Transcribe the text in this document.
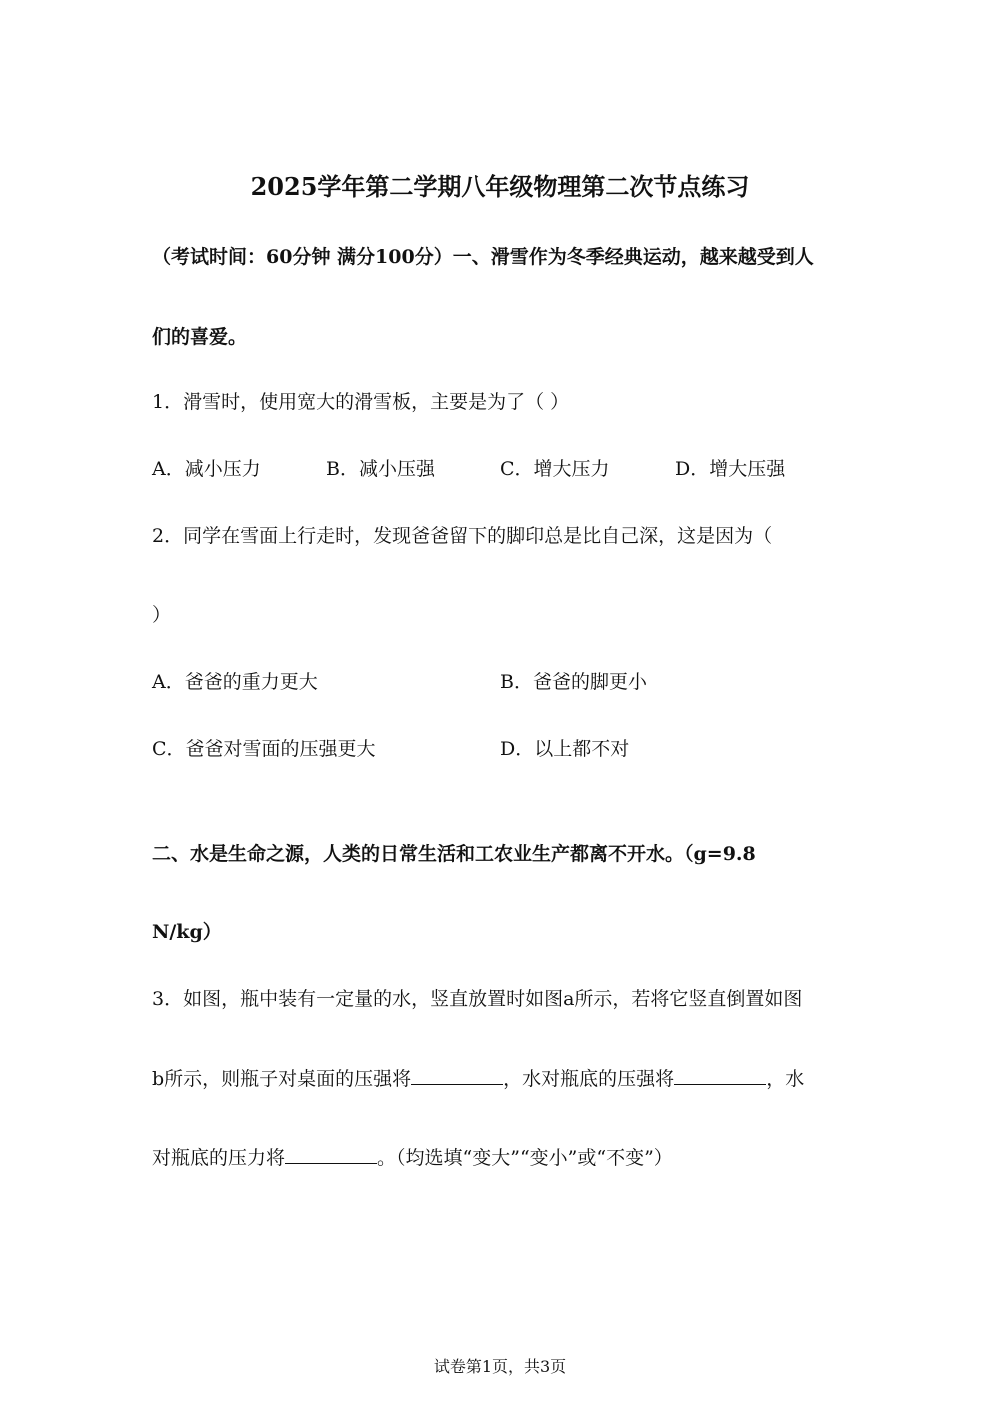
2025学年第二学期八年级物理第二次节点练习
（考试时间：60分钟 满分100分）一、滑雪作为冬季经典运动，越来越受到人
们的喜爱。
1．滑雪时，使用宽大的滑雪板，主要是为了（ ）
A．减小压力	B．减小压强	C．增大压力	D．增大压强
2．同学在雪面上行走时，发现爸爸留下的脚印总是比自己深，这是因为（
）
A．爸爸的重力更大	B．爸爸的脚更小
C．爸爸对雪面的压强更大	D．以上都不对
二、水是生命之源，人类的日常生活和工农业生产都离不开水。（g=9.8
N/kg）
3．如图，瓶中装有一定量的水，竖直放置时如图a所示，若将它竖直倒置如图
b所示，则瓶子对桌面的压强将	，水对瓶底的压强将	，水
对瓶底的压力将	。（均选填“变大”“变小”或“不变”）
试卷第1页，共3页
